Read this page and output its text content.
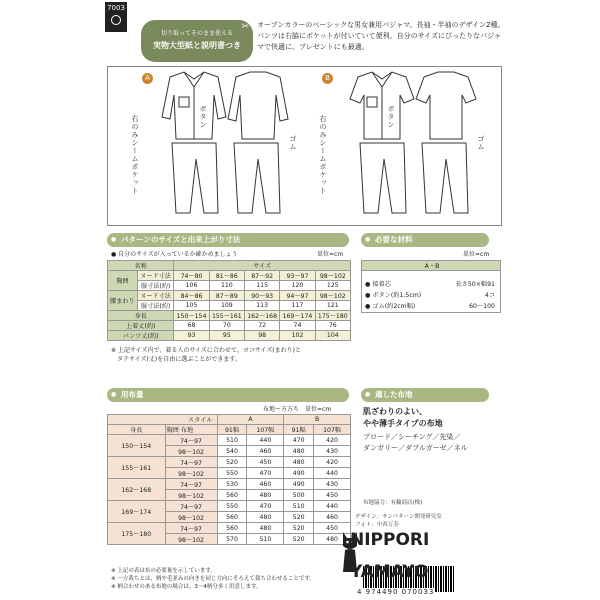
7003
✂
切り取ってそのまま使える
実物大型紙と説明書つき
オープンカラーのベーシックな男女兼用パジャマ。長袖・半袖のデザイン2種。パンツは右脇にポケットが付いていて便利。自分のサイズにぴったりなパジャマで快適に。プレゼントにも最適。
A	B
ボタン
右のみシームポケット	ゴム
ボタン
右のみシームポケット	ゴム
● パターンのサイズと出来上がり寸法
● 自分のサイズが入っているか確かめましょう	単位=cm
名称		サイズ				
胸囲	ヌード寸法	74〜80	81〜86	87〜92	93〜97	98〜102
	服寸法(約)	106	110	115	120	125
腰まわり	ヌード寸法	84〜86	87〜89	90〜93	94〜97	98〜102
	服寸法(約)	105	109	113	117	121
身長		150〜154	155〜161	162〜168	169〜174	175〜180
上着丈(約)		68	70	72	74	76
パンツ丈(約)		93	95	98	102	104
※ 上記サイズ内で、着る人のサイズに合わせて、ヨコサイズ(まわり)と
タテサイズ(丈)を自由に選ぶことができます。
● 必要な材料
単位=cm
A・B

● 接着芯	長さ50×幅91
● ボタン(約1.5cm)	4コ
● ゴム(約2cm幅)	60〜100
● 用布量
布地ー方方ち　単位=cm
スタイル		A		B	
身長	胸囲 布地	91幅	107幅	91幅	107幅
150〜154	74〜97	510	440	470	420
	98〜102	540	460	480	430
155〜161	74〜97	520	450	480	420
	98〜102	550	470	490	440
162〜168	74〜97	530	460	490	430
	98〜102	560	480	500	450
169〜174	74〜97	550	470	510	440
	98〜102	560	480	520	460
175〜180	74〜97	560	480	520	450
	98〜102	570	510	520	480
※ 上記の表は布の必要量を示しています。
※ 一方裁ちとは、柄や毛並みの向きを同じ方向にそろえて裁ち合わせることです。
※ 柄合わせのある布地の場合は、3〜4柄分多く用意します。
● 適した布地
肌ざわりのよい、
やや薄手タイプの布地
ブロード／シーチング／先染／
ダンガリー／ダブルガーゼ／ネル
布地協力：有輪商店(株)
デザイン：サンパターン開発研究室
フォト：中西万寿
4 974490 070033
NIPPORI
YAMAYO
